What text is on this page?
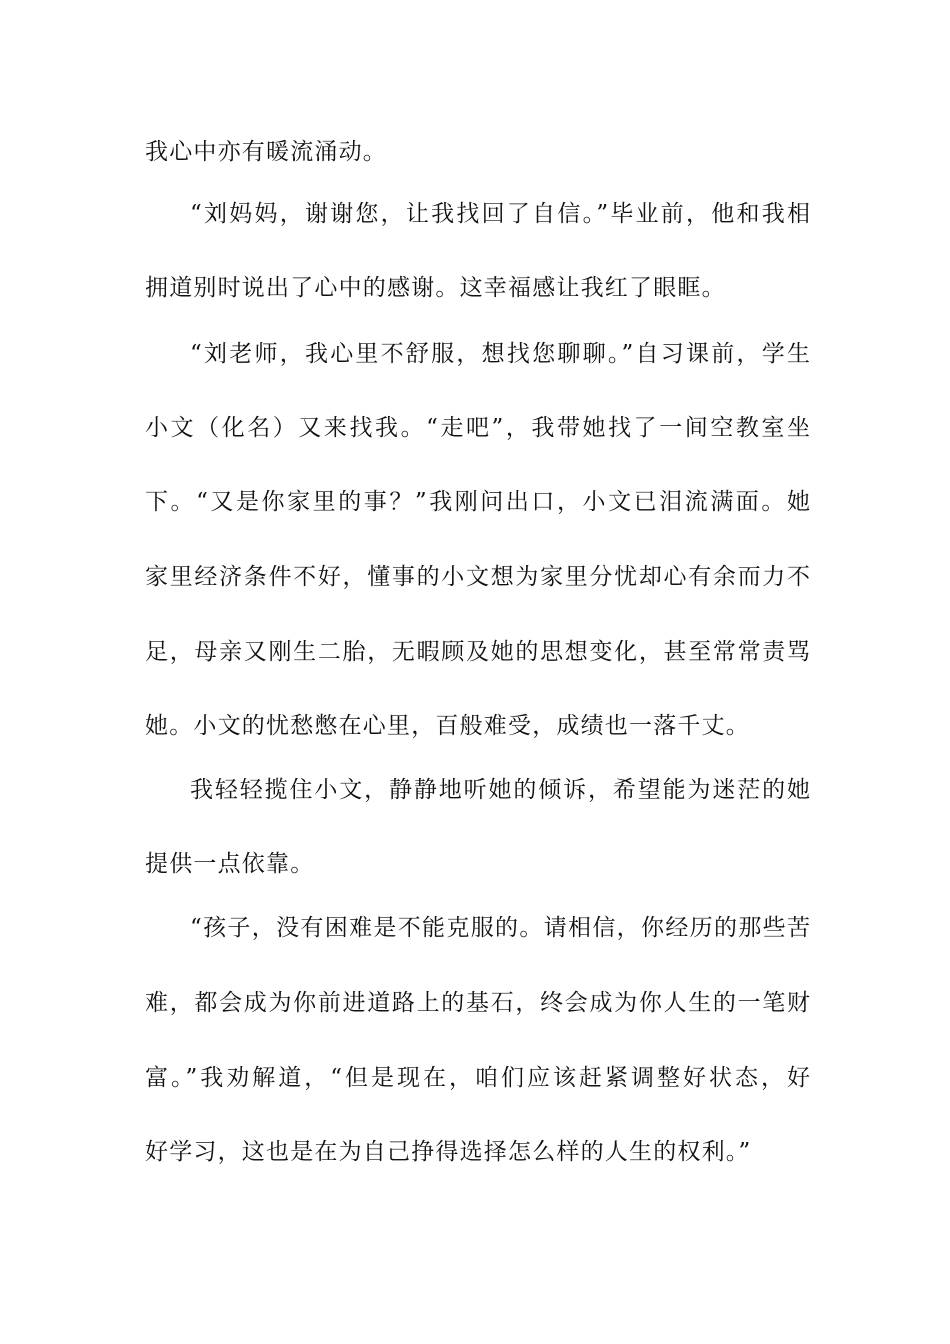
我心中亦有暖流涌动。
“刘妈妈，谢谢您，让我找回了自信。”毕业前，他和我相
拥道别时说出了心中的感谢。这幸福感让我红了眼眶。
“刘老师，我心里不舒服，想找您聊聊。”自习课前，学生
小文（化名）又来找我。“走吧”，我带她找了一间空教室坐
下。“又是你家里的事？”我刚问出口，小文已泪流满面。她
家里经济条件不好，懂事的小文想为家里分忧却心有余而力不
足，母亲又刚生二胎，无暇顾及她的思想变化，甚至常常责骂
她。小文的忧愁憋在心里，百般难受，成绩也一落千丈。
我轻轻揽住小文，静静地听她的倾诉，希望能为迷茫的她
提供一点依靠。
“孩子，没有困难是不能克服的。请相信，你经历的那些苦
难，都会成为你前进道路上的基石，终会成为你人生的一笔财
富。”我劝解道，“但是现在，咱们应该赶紧调整好状态，好
好学习，这也是在为自己挣得选择怎么样的人生的权利。”
